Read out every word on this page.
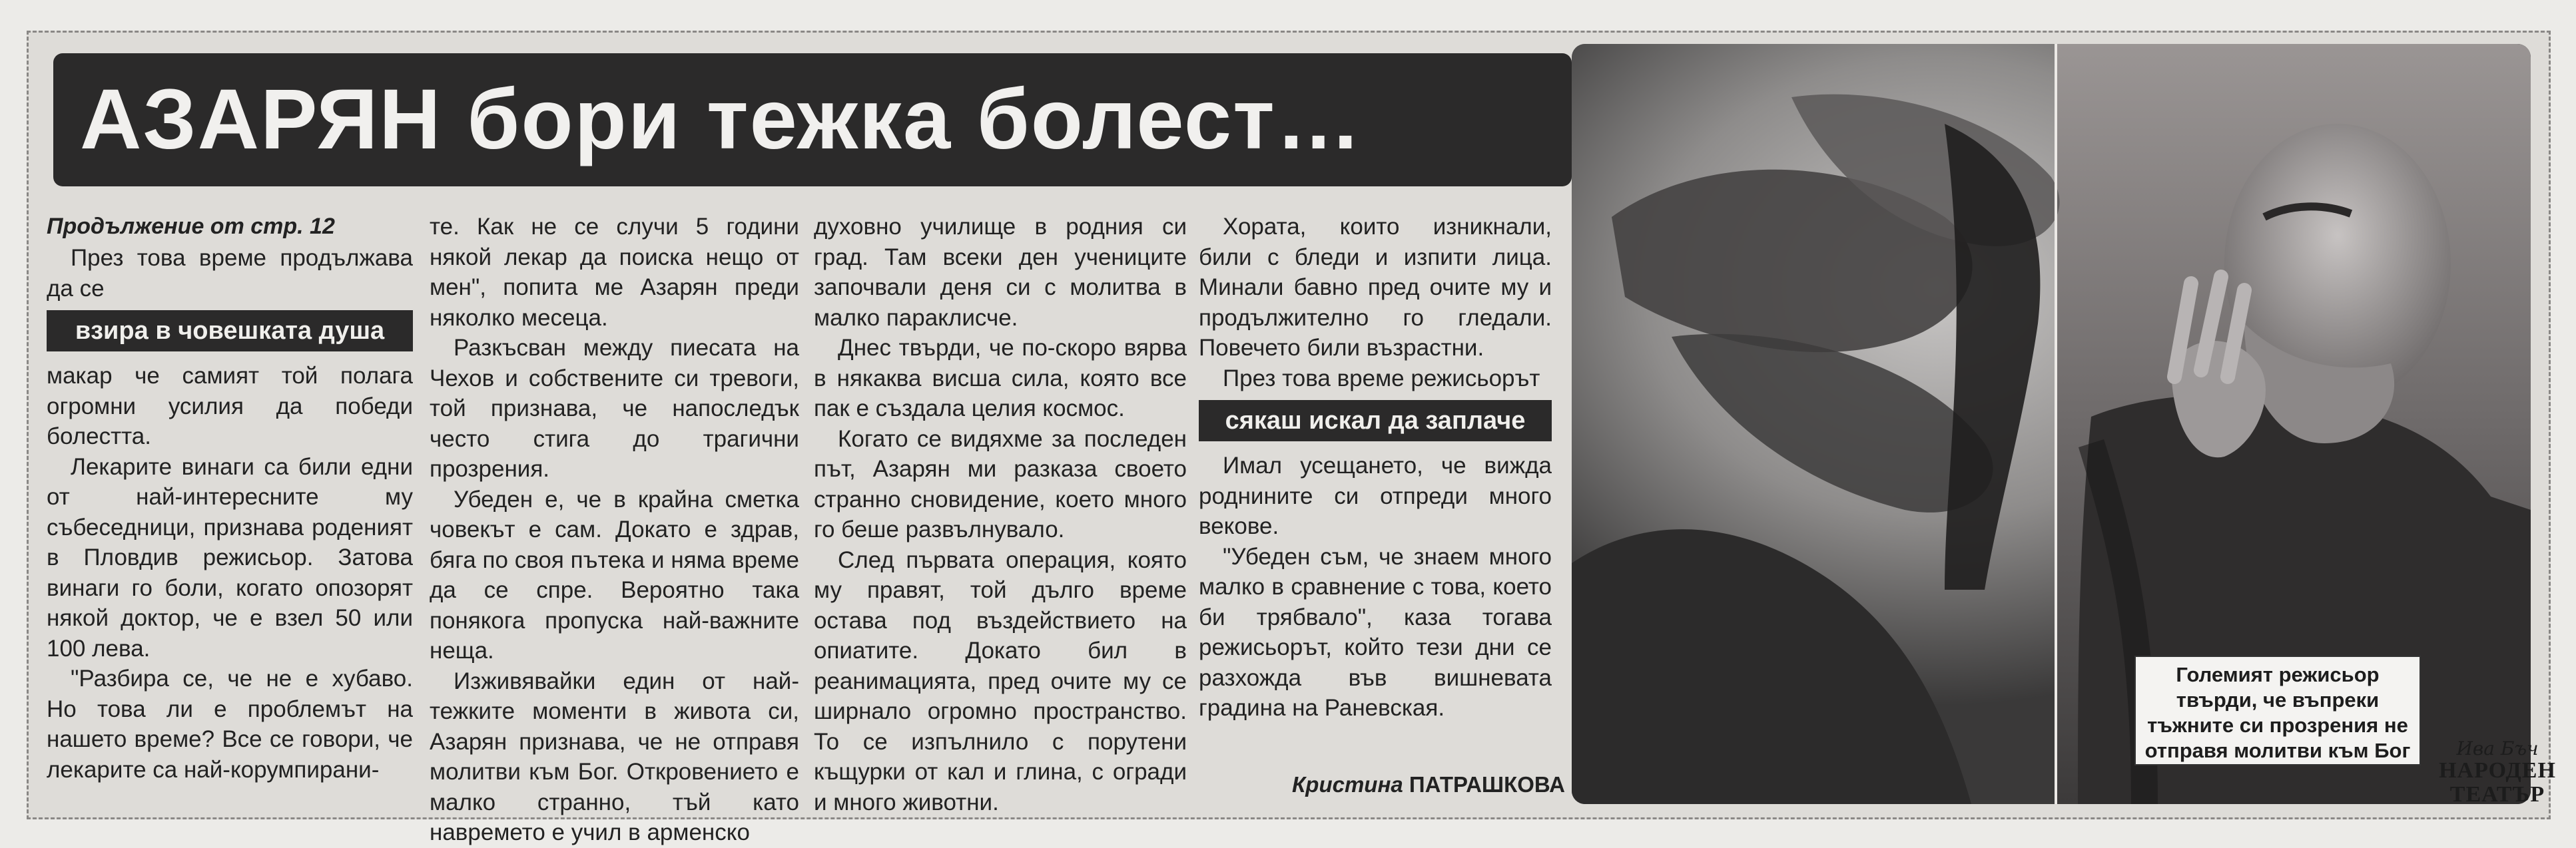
АЗАРЯН бори тежка болест…
Продължение от стр. 12

През това време продължава да се

взира в човешката душа

макар че самият той полага огромни усилия да победи болестта.

Лекарите винаги са били едни от най-интересните му събеседници, признава роденият в Пловдив режисьор. Затова винаги го боли, когато опозорят някой доктор, че е взел 50 или 100 лева.

"Разбира се, че не е хубаво. Но това ли е проблемът на нашето време? Все се говори, че лекарите са най-корумпирани-

те. Как не се случи 5 години някой лекар да поиска нещо от мен", попита ме Азарян преди няколко месеца.

Разкъсван между пиесата на Чехов и собствените си тревоги, той признава, че напоследък често стига до трагични прозрения.

Убеден е, че в крайна сметка човекът е сам. Докато е здрав, бяга по своя пътека и няма време да се спре. Вероятно така понякога пропуска най-важните неща.

Изживявайки един от най-тежките моменти в живота си, Азарян признава, че не отправя молитви към Бог. Откровението е малко странно, тъй като навремето е учил в арменско

духовно училище в родния си град. Там всеки ден учениците започвали деня си с молитва в малко параклисче.

Днес твърди, че по-скоро вярва в някаква висша сила, която все пак е създала целия космос.

Когато се видяхме за последен път, Азарян ми разказа своето странно сновидение, което много го беше развълнувало.

След първата операция, която му правят, той дълго време остава под въздействието на опиатите. Докато бил в реанимацията, пред очите му се ширнало огромно пространство. То се изпълнило с порутени къщурки от кал и глина, с огради и много животни.

Хората, които изникнали, били с бледи и изпити лица. Минали бавно пред очите му и продължително го гледали. Повечето били възрастни.

През това време режисьорът

сякаш искал да заплаче

Имал усещането, че вижда роднините си отпреди много векове.

"Убеден съм, че знаем много малко в сравнение с това, което би трябвало", каза тогава режисьорът, който тези дни се разхожда във вишневата градина на Раневская.

Кристина ПАТРАШКОВА
Големият режисьор твърди, че въпреки тъжните си прозрения не отправя молитви към Бог	Ива Бъч
НАРОДЕН
ТЕАТЪР
